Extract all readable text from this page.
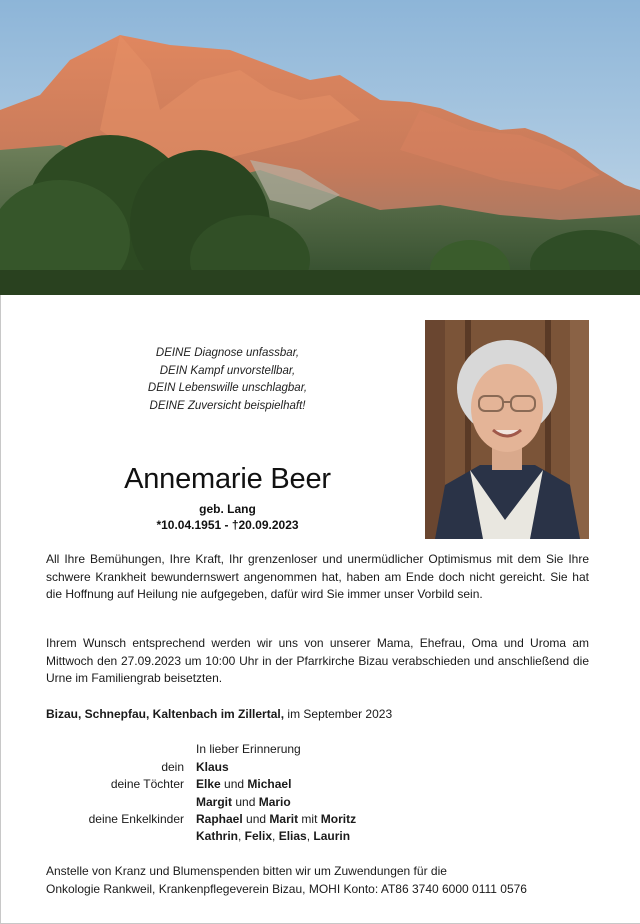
DEINE Diagnose unfassbar,
DEIN Kampf unvorstellbar,
DEIN Lebenswille unschlagbar,
DEINE Zuversicht beispielhaft!
Annemarie Beer
geb. Lang
*10.04.1951 - †20.09.2023
All Ihre Bemühungen, Ihre Kraft, Ihr grenzenloser und unermüdlicher Optimismus mit dem Sie Ihre schwere Krankheit bewundernswert angenommen hat, haben am Ende doch nicht gereicht. Sie hat die Hoffnung auf Heilung nie aufgegeben, dafür wird Sie immer unser Vorbild sein.
Ihrem Wunsch entsprechend werden wir uns von unserer Mama, Ehefrau, Oma und Uroma am Mittwoch den 27.09.2023 um 10:00 Uhr in der Pfarrkirche Bizau verabschieden und anschließend die Urne im Familiengrab beisetzten.
Bizau, Schnepfau, Kaltenbach im Zillertal, im September 2023
In lieber Erinnerung
dein Klaus
deine Töchter Elke und Michael
Margit und Mario
deine Enkelkinder Raphael und Marit mit Moritz
Kathrin, Felix, Elias, Laurin
Anstelle von Kranz und Blumenspenden bitten wir um Zuwendungen für die
Onkologie Rankweil, Krankenpflegeverein Bizau, MOHI Konto: AT86 3740 6000 0111 0576
